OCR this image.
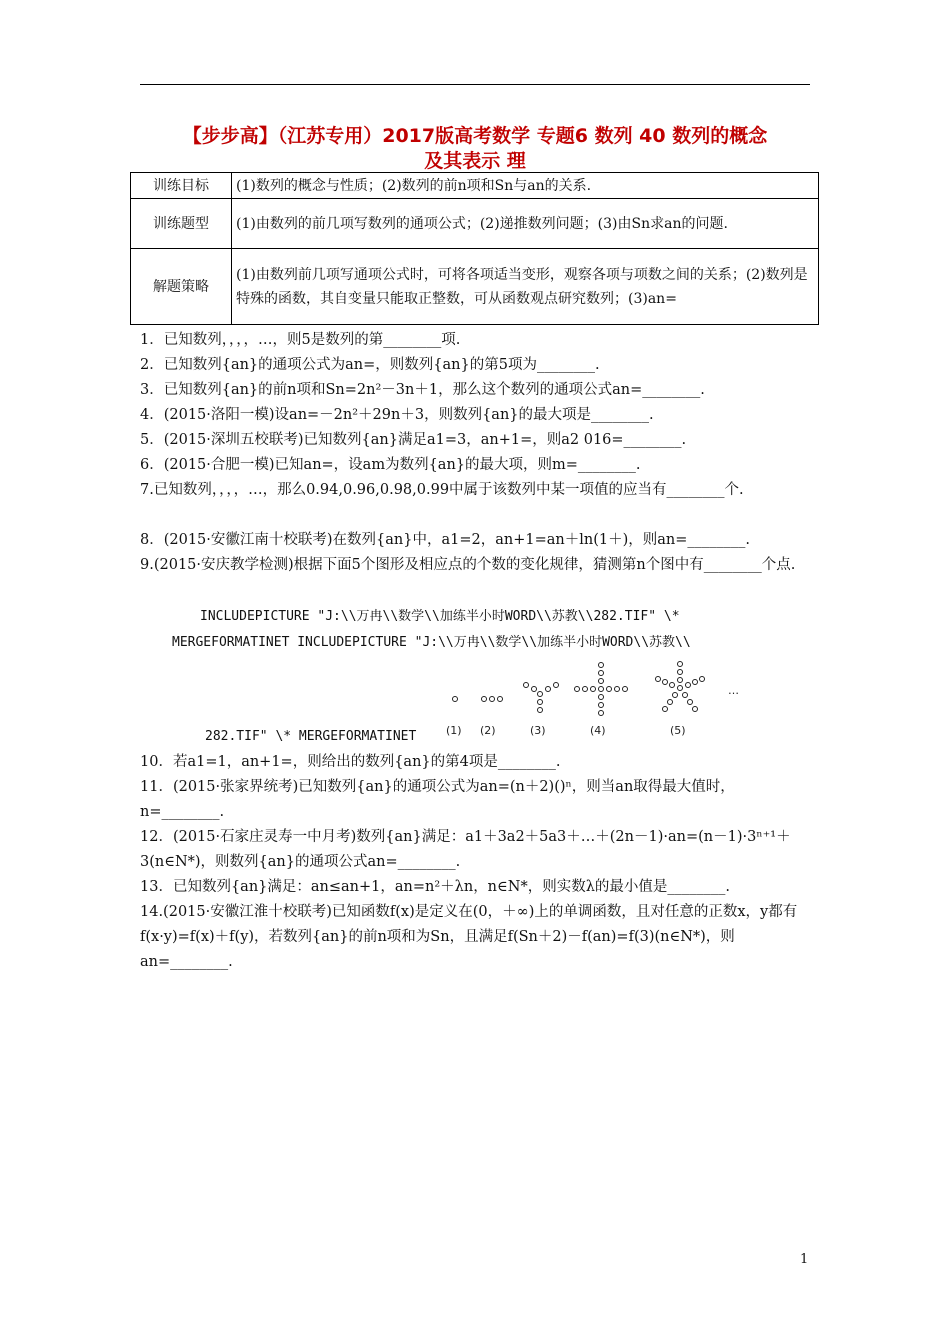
【步步高】（江苏专用）2017版高考数学 专题6 数列 40 数列的概念
及其表示 理
训练目标	(1)数列的概念与性质；(2)数列的前n项和Sn与an的关系.
训练题型	(1)由数列的前几项写数列的通项公式；(2)递推数列问题；(3)由Sn求an的问题.
解题策略	(1)由数列前几项写通项公式时，可将各项适当变形，观察各项与项数之间的关系；(2)数列是特殊的函数，其自变量只能取正整数，可从函数观点研究数列；(3)an=
1．已知数列，，，，…，则5是数列的第________项.
2．已知数列{an}的通项公式为an=，则数列{an}的第5项为________.
3．已知数列{an}的前n项和Sn=2n²－3n＋1，那么这个数列的通项公式an=________.
4．(2015·洛阳一模)设an=－2n²＋29n＋3，则数列{an}的最大项是________.
5．(2015·深圳五校联考)已知数列{an}满足a1=3，an+1=，则a2 016=________.
6．(2015·合肥一模)已知an=，设am为数列{an}的最大项，则m=________.
7.已知数列，，，，…，那么0.94,0.96,0.98,0.99中属于该数列中某一项值的应当有________个.
8．(2015·安徽江南十校联考)在数列{an}中，a1=2，an+1=an＋ln(1＋)，则an=________.
9.(2015·安庆教学检测)根据下面5个图形及相应点的个数的变化规律，猜测第n个图中有________个点.
INCLUDEPICTURE "J:\\万冉\\数学\\加练半小时WORD\\苏教\\282.TIF" \*
MERGEFORMATINET INCLUDEPICTURE "J:\\万冉\\数学\\加练半小时WORD\\苏教\\
…
(1) (2)	(3)	(4)	(5)
282.TIF" \* MERGEFORMATINET
10．若a1=1，an+1=，则给出的数列{an}的第4项是________.
11．(2015·张家界统考)已知数列{an}的通项公式为an=(n＋2)()ⁿ，则当an取得最大值时，n=________.
12．(2015·石家庄灵寿一中月考)数列{an}满足：a1＋3a2＋5a3＋…＋(2n－1)·an=(n－1)·3ⁿ⁺¹＋3(n∈N*)，则数列{an}的通项公式an=________.
13．已知数列{an}满足：an≤an+1，an=n²＋λn，n∈N*，则实数λ的最小值是________.
14.(2015·安徽江淮十校联考)已知函数f(x)是定义在(0，＋∞)上的单调函数，且对任意的正数x，y都有f(x·y)=f(x)＋f(y)，若数列{an}的前n项和为Sn，且满足f(Sn＋2)－f(an)=f(3)(n∈N*)，则an=________.
1
